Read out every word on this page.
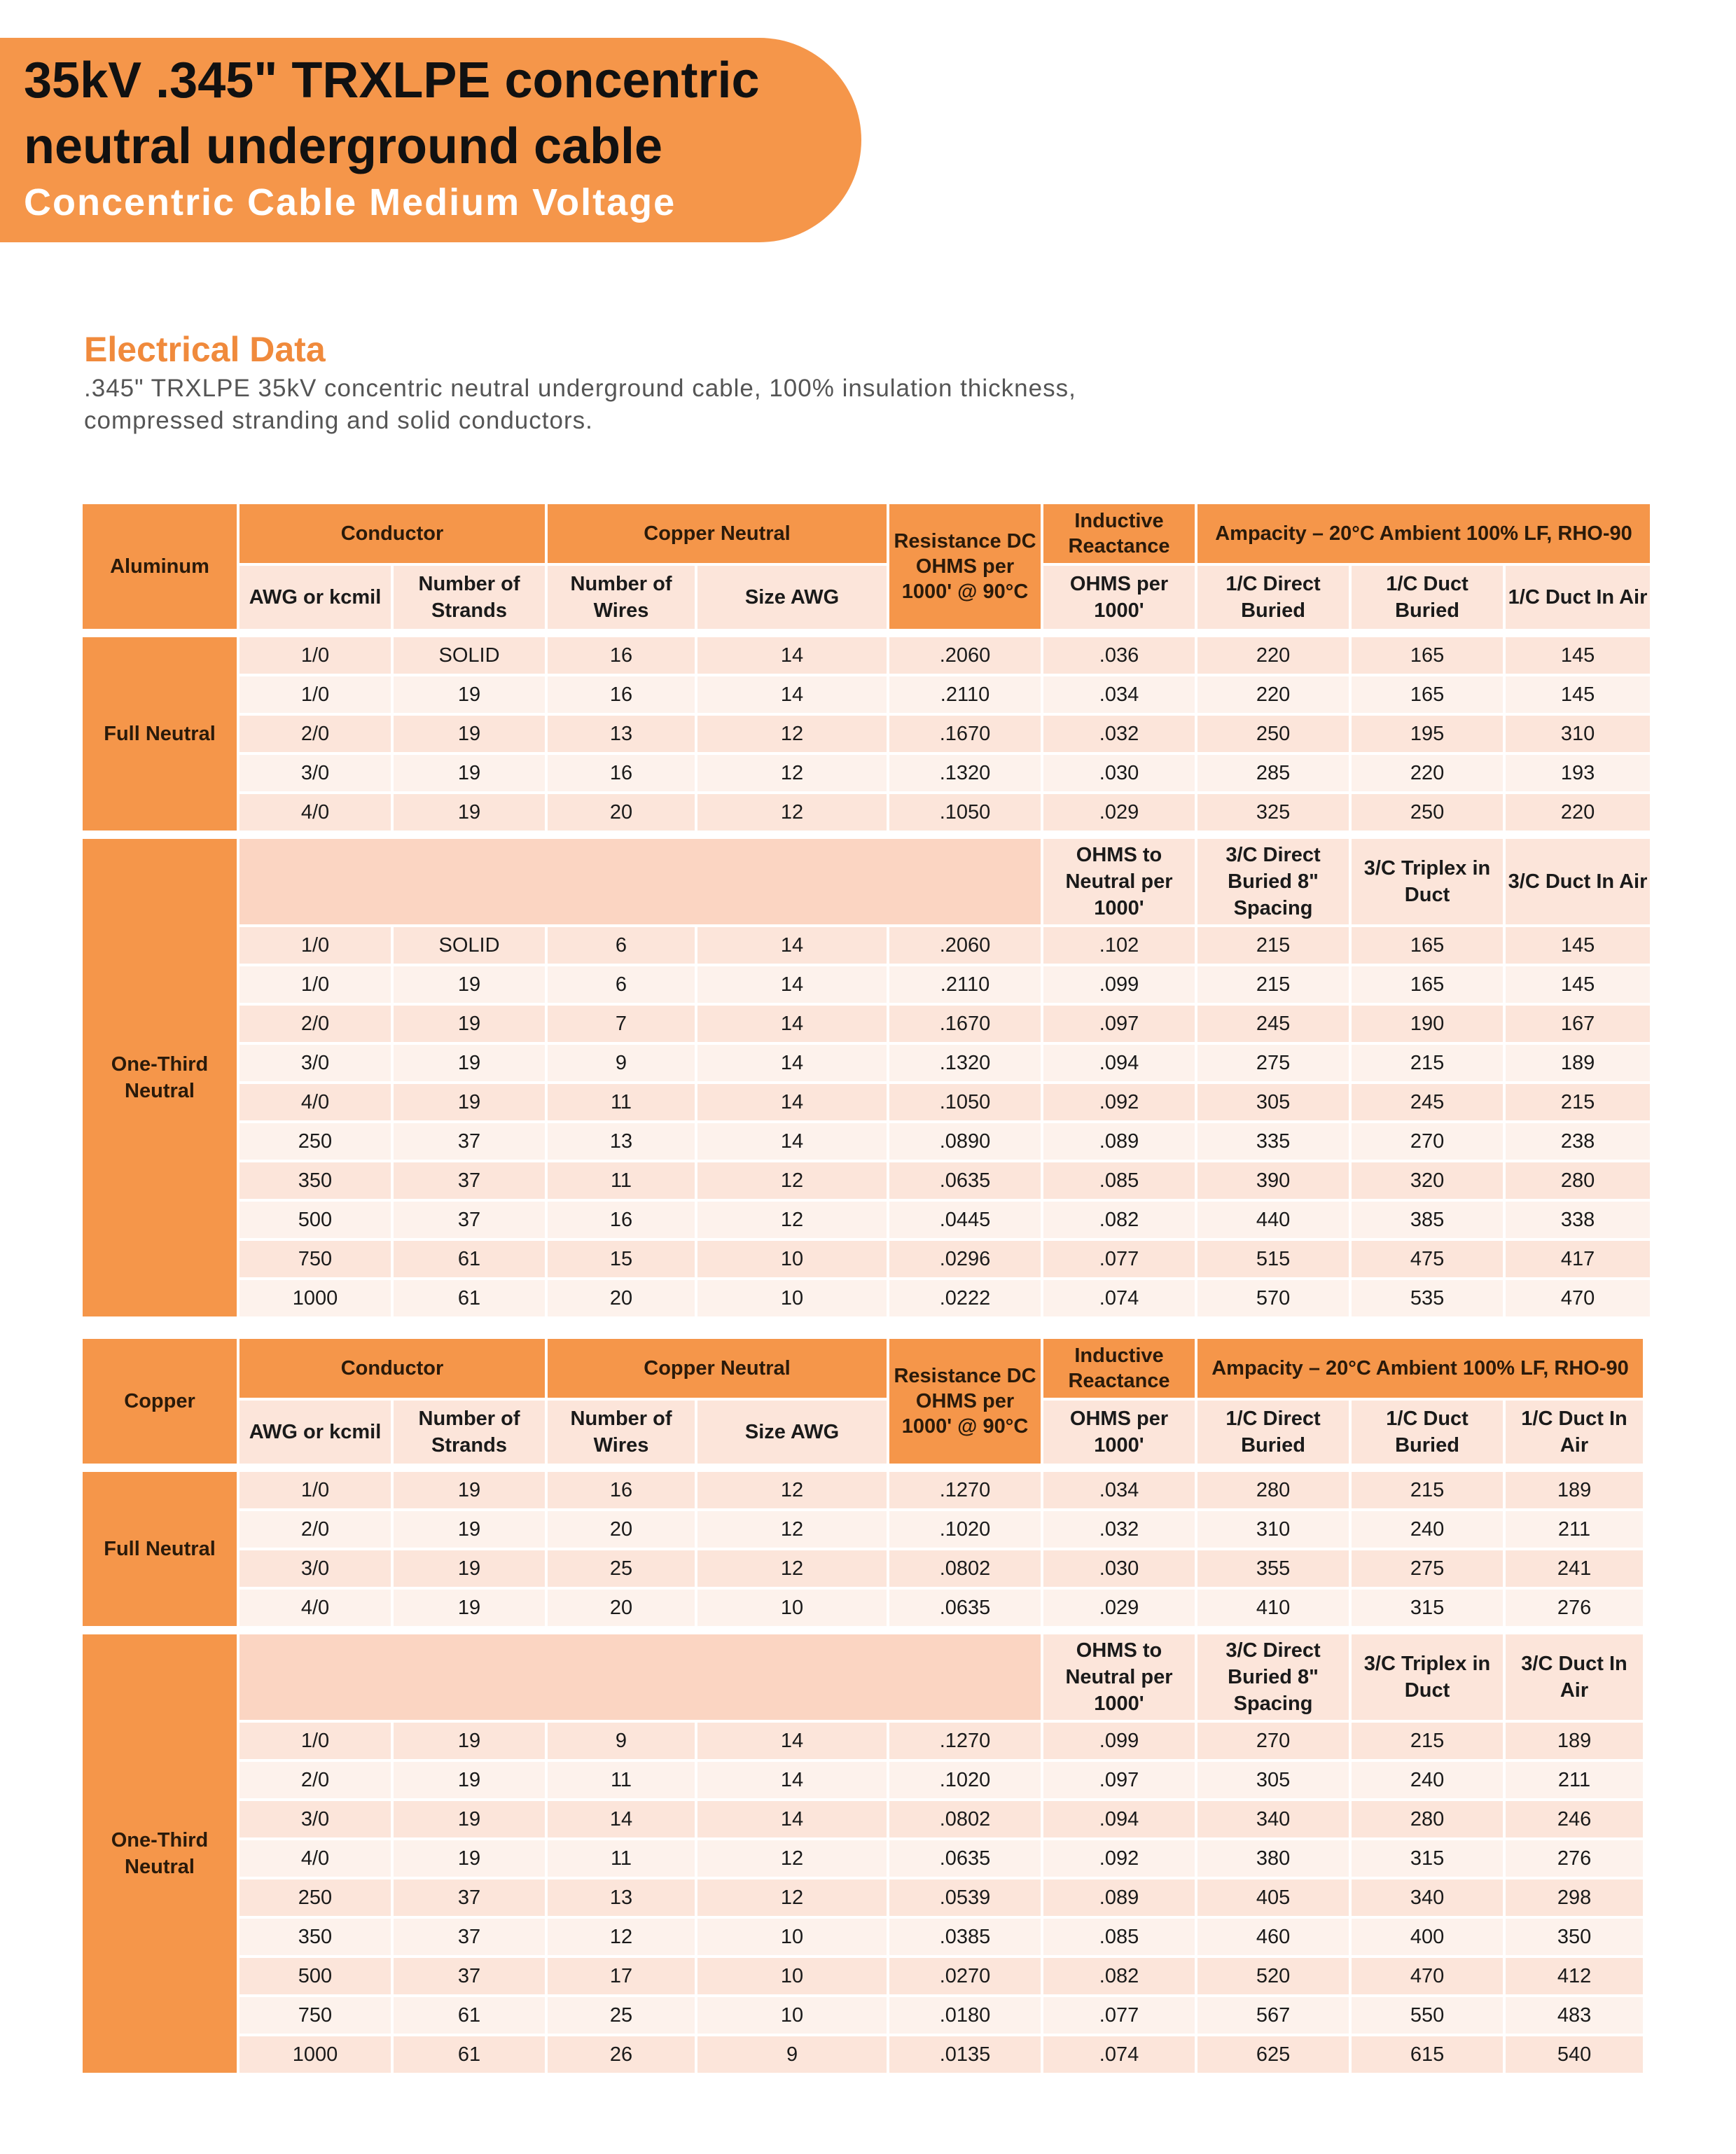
35kV .345" TRXLPE concentric
neutral underground cable
Concentric Cable Medium Voltage
Electrical Data
.345" TRXLPE 35kV concentric neutral underground cable, 100% insulation thickness, compressed stranding and solid conductors.
Aluminum	Conductor		Copper Neutral		Resistance DC OHMS per 1000' @ 90°C	Inductive Reactance	Ampacity – 20°C Ambient 100% LF, RHO-90		
	AWG or kcmil	Number of Strands	Number of Wires	Size AWG		OHMS per 1000'	1/C Direct Buried	1/C Duct Buried	1/C Duct In Air

Full Neutral	1/0	SOLID	16	14	.2060	.036	220	165	145
	1/0	19	16	14	.2110	.034	220	165	145
	2/0	19	13	12	.1670	.032	250	195	310
	3/0	19	16	12	.1320	.030	285	220	193
	4/0	19	20	12	.1050	.029	325	250	220

One-Third Neutral						OHMS to Neutral per 1000'	3/C Direct Buried 8" Spacing	3/C Triplex in Duct	3/C Duct In Air
	1/0	SOLID	6	14	.2060	.102	215	165	145
	1/0	19	6	14	.2110	.099	215	165	145
	2/0	19	7	14	.1670	.097	245	190	167
	3/0	19	9	14	.1320	.094	275	215	189
	4/0	19	11	14	.1050	.092	305	245	215
	250	37	13	14	.0890	.089	335	270	238
	350	37	11	12	.0635	.085	390	320	280
	500	37	16	12	.0445	.082	440	385	338
	750	61	15	10	.0296	.077	515	475	417
	1000	61	20	10	.0222	.074	570	535	470
Copper	Conductor		Copper Neutral		Resistance DC OHMS per 1000' @ 90°C	Inductive Reactance	Ampacity – 20°C Ambient 100% LF, RHO-90		
	AWG or kcmil	Number of Strands	Number of Wires	Size AWG		OHMS per 1000'	1/C Direct Buried	1/C Duct Buried	1/C Duct In Air

Full Neutral	1/0	19	16	12	.1270	.034	280	215	189
	2/0	19	20	12	.1020	.032	310	240	211
	3/0	19	25	12	.0802	.030	355	275	241
	4/0	19	20	10	.0635	.029	410	315	276

One-Third Neutral						OHMS to Neutral per 1000'	3/C Direct Buried 8" Spacing	3/C Triplex in Duct	3/C Duct In Air
	1/0	19	9	14	.1270	.099	270	215	189
	2/0	19	11	14	.1020	.097	305	240	211
	3/0	19	14	14	.0802	.094	340	280	246
	4/0	19	11	12	.0635	.092	380	315	276
	250	37	13	12	.0539	.089	405	340	298
	350	37	12	10	.0385	.085	460	400	350
	500	37	17	10	.0270	.082	520	470	412
	750	61	25	10	.0180	.077	567	550	483
	1000	61	26	9	.0135	.074	625	615	540
